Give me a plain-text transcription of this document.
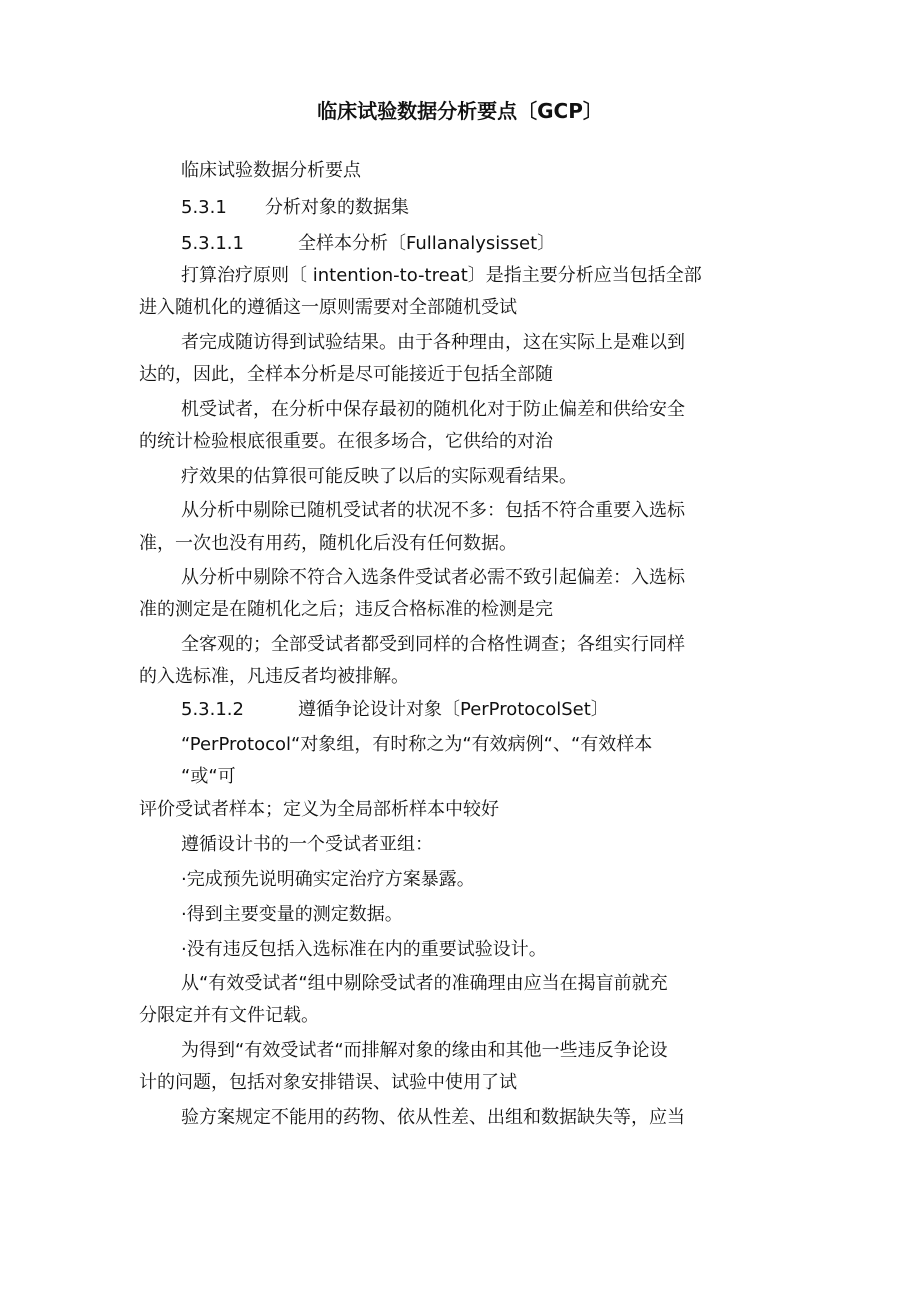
临床试验数据分析要点〔GCP〕
临床试验数据分析要点
5.3.1 分析对象的数据集
5.3.1.1	全样本分析〔Fullanalysisset〕
打算治疗原则〔 intention-to-treat〕是指主要分析应当包括全部
进入随机化的遵循这一原则需要对全部随机受试
者完成随访得到试验结果。由于各种理由，这在实际上是难以到
达的，因此，全样本分析是尽可能接近于包括全部随
机受试者，在分析中保存最初的随机化对于防止偏差和供给安全
的统计检验根底很重要。在很多场合，它供给的对治
疗效果的估算很可能反映了以后的实际观看结果。
从分析中剔除已随机受试者的状况不多：包括不符合重要入选标
准，一次也没有用药，随机化后没有任何数据。
从分析中剔除不符合入选条件受试者必需不致引起偏差：入选标
准的测定是在随机化之后；违反合格标准的检测是完
全客观的；全部受试者都受到同样的合格性调查；各组实行同样
的入选标准，凡违反者均被排解。
5.3.1.2	遵循争论设计对象〔PerProtocolSet〕
“PerProtocol“对象组，有时称之为“有效病例“、“有效样本
“或“可
评价受试者样本；定义为全局部析样本中较好
遵循设计书的一个受试者亚组：
·完成预先说明确实定治疗方案暴露。
·得到主要变量的测定数据。
·没有违反包括入选标准在内的重要试验设计。
从“有效受试者“组中剔除受试者的准确理由应当在揭盲前就充
分限定并有文件记载。
为得到“有效受试者“而排解对象的缘由和其他一些违反争论设
计的问题，包括对象安排错误、试验中使用了试
验方案规定不能用的药物、依从性差、出组和数据缺失等，应当
